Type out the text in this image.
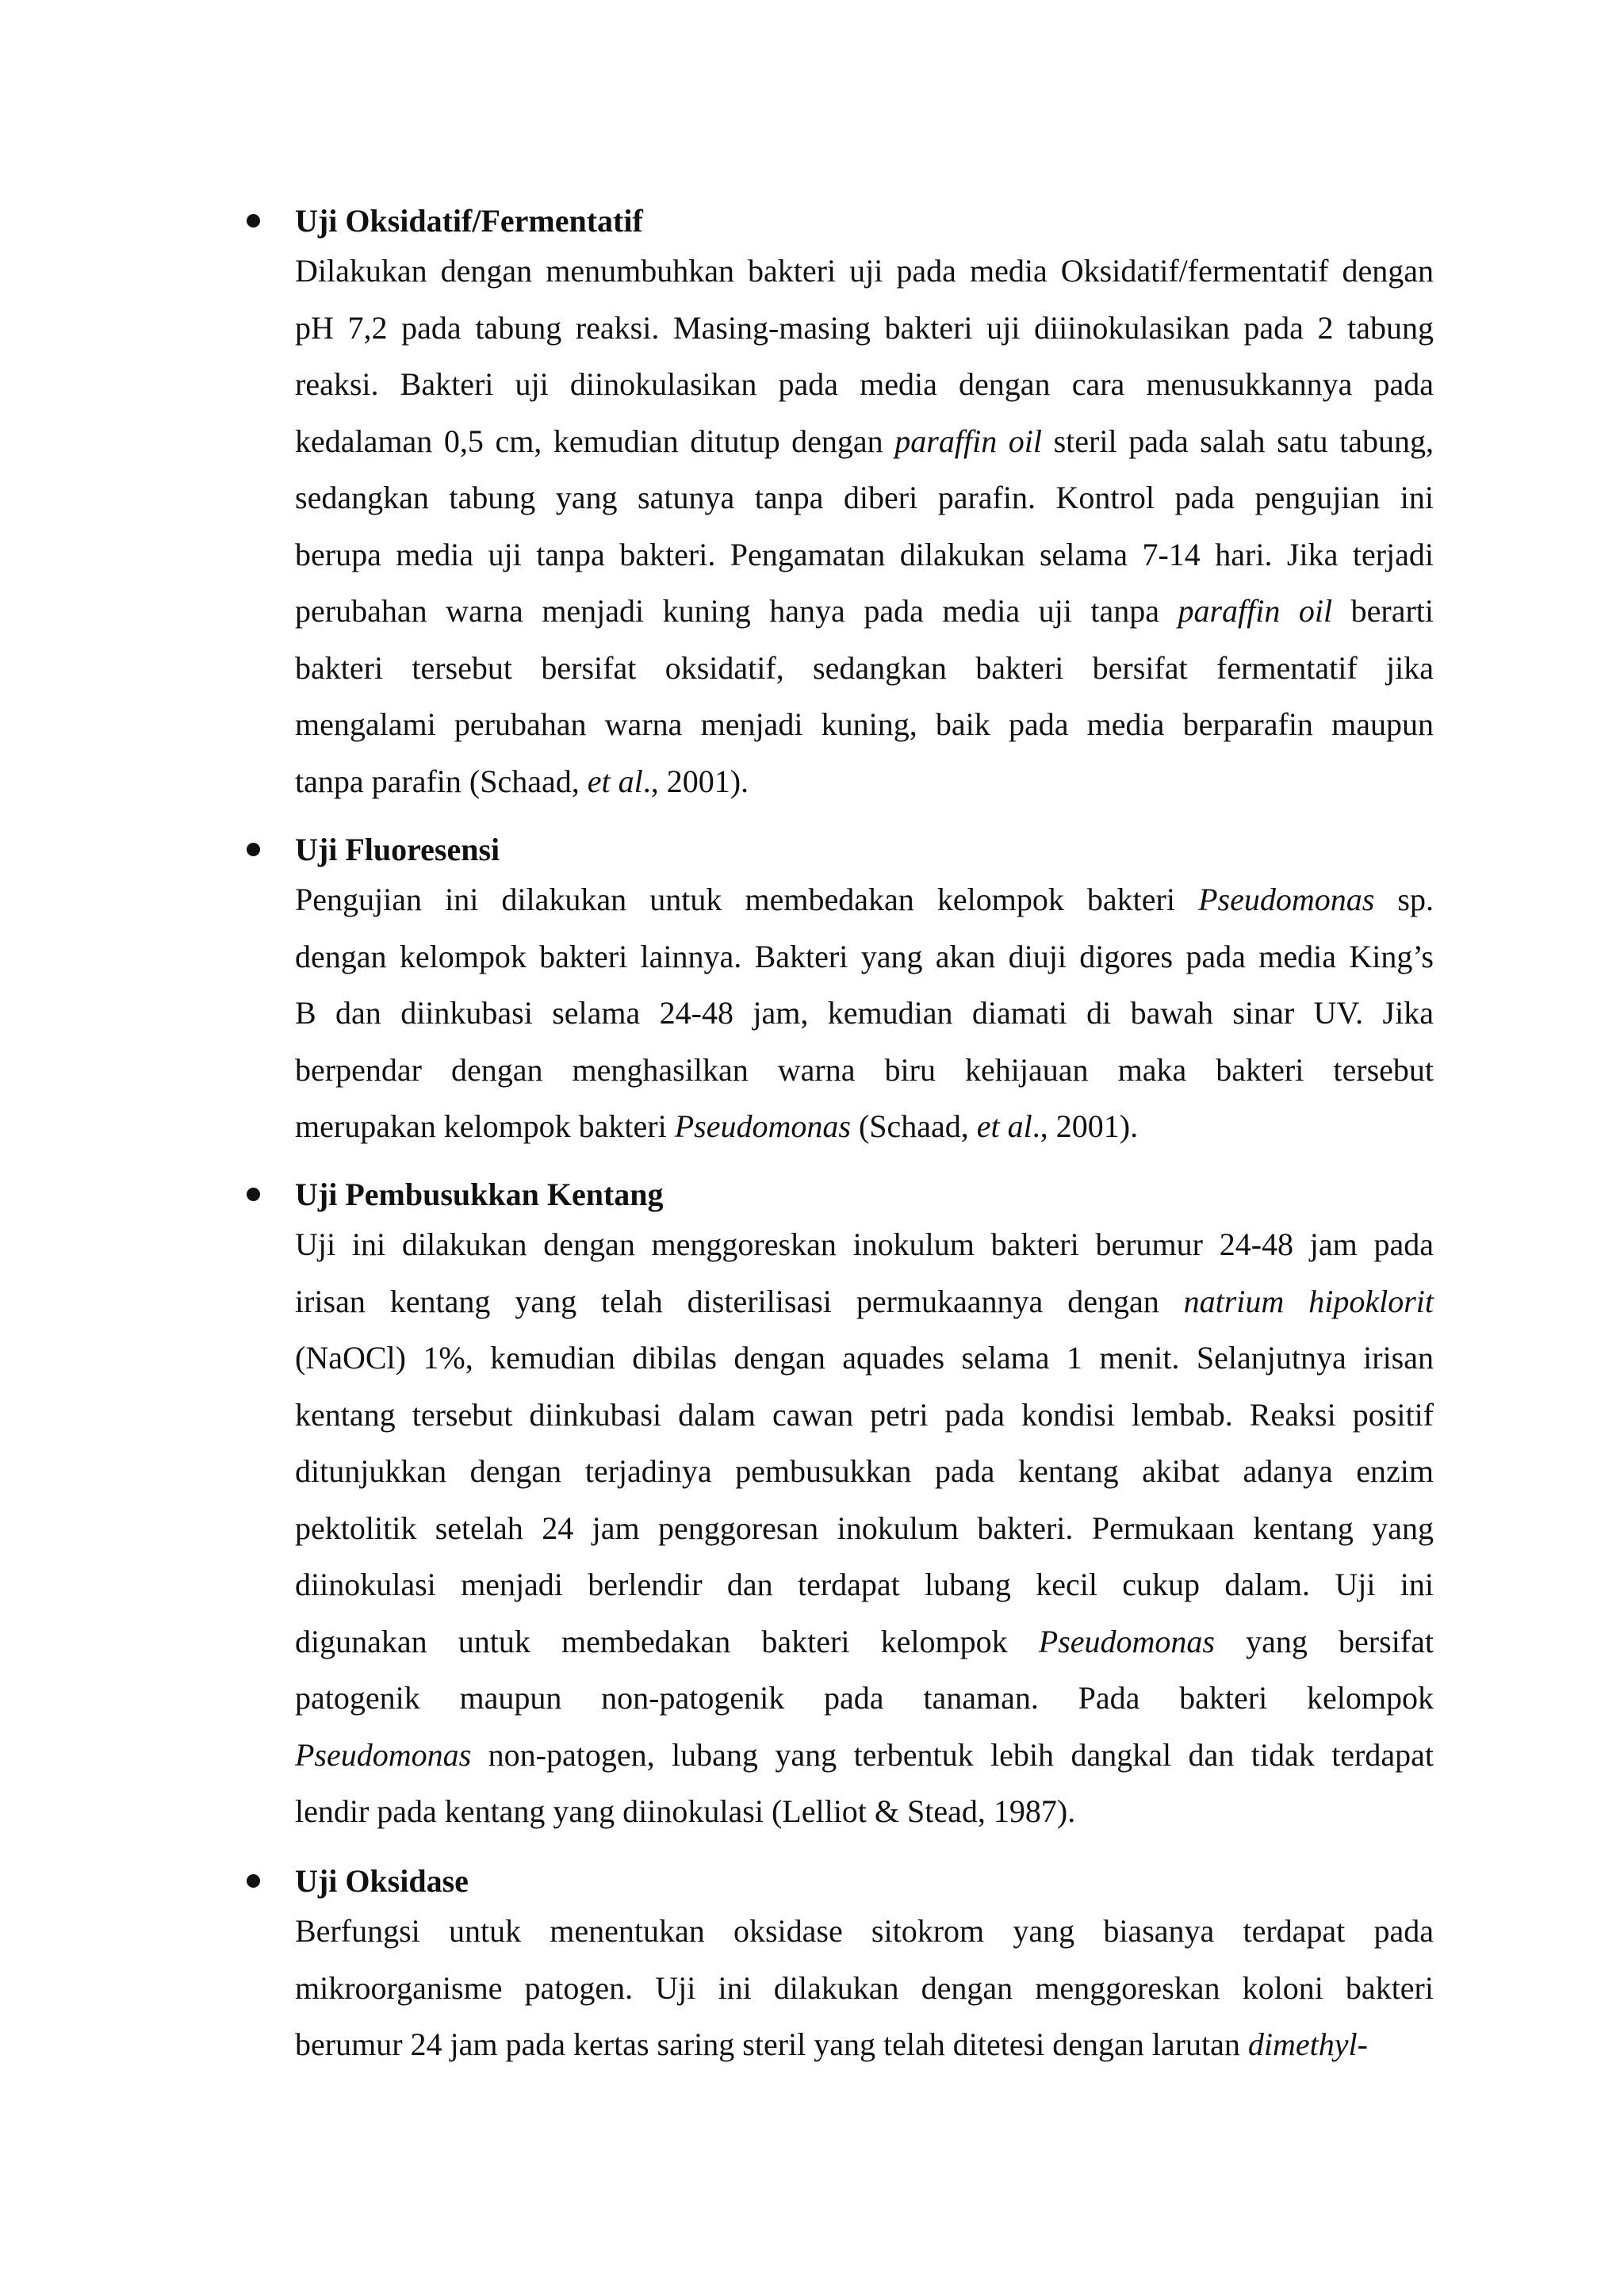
Uji Oksidatif/Fermentatif
Dilakukan dengan menumbuhkan bakteri uji pada media Oksidatif/fermentatif dengan
pH 7,2 pada tabung reaksi. Masing-masing bakteri uji diiinokulasikan pada 2 tabung
reaksi. Bakteri uji diinokulasikan pada media dengan cara menusukkannya pada
kedalaman 0,5 cm, kemudian ditutup dengan paraffin oil steril pada salah satu tabung,
sedangkan tabung yang satunya tanpa diberi parafin. Kontrol pada pengujian ini
berupa media uji tanpa bakteri. Pengamatan dilakukan selama 7-14 hari. Jika terjadi
perubahan warna menjadi kuning hanya pada media uji tanpa paraffin oil berarti
bakteri tersebut bersifat oksidatif, sedangkan bakteri bersifat fermentatif jika
mengalami perubahan warna menjadi kuning, baik pada media berparafin maupun
tanpa parafin (Schaad, et al., 2001).
Uji Fluoresensi
Pengujian ini dilakukan untuk membedakan kelompok bakteri Pseudomonas sp.
dengan kelompok bakteri lainnya. Bakteri yang akan diuji digores pada media King’s
B dan diinkubasi selama 24-48 jam, kemudian diamati di bawah sinar UV. Jika
berpendar dengan menghasilkan warna biru kehijauan maka bakteri tersebut
merupakan kelompok bakteri Pseudomonas (Schaad, et al., 2001).
Uji Pembusukkan Kentang
Uji ini dilakukan dengan menggoreskan inokulum bakteri berumur 24-48 jam pada
irisan kentang yang telah disterilisasi permukaannya dengan natrium hipoklorit
(NaOCl) 1%, kemudian dibilas dengan aquades selama 1 menit. Selanjutnya irisan
kentang tersebut diinkubasi dalam cawan petri pada kondisi lembab. Reaksi positif
ditunjukkan dengan terjadinya pembusukkan pada kentang akibat adanya enzim
pektolitik setelah 24 jam penggoresan inokulum bakteri. Permukaan kentang yang
diinokulasi menjadi berlendir dan terdapat lubang kecil cukup dalam. Uji ini
digunakan untuk membedakan bakteri kelompok Pseudomonas yang bersifat
patogenik maupun non-patogenik pada tanaman. Pada bakteri kelompok
Pseudomonas non-patogen, lubang yang terbentuk lebih dangkal dan tidak terdapat
lendir pada kentang yang diinokulasi (Lelliot & Stead, 1987).
Uji Oksidase
Berfungsi untuk menentukan oksidase sitokrom yang biasanya terdapat pada
mikroorganisme patogen. Uji ini dilakukan dengan menggoreskan koloni bakteri
berumur 24 jam pada kertas saring steril yang telah ditetesi dengan larutan dimethyl-
